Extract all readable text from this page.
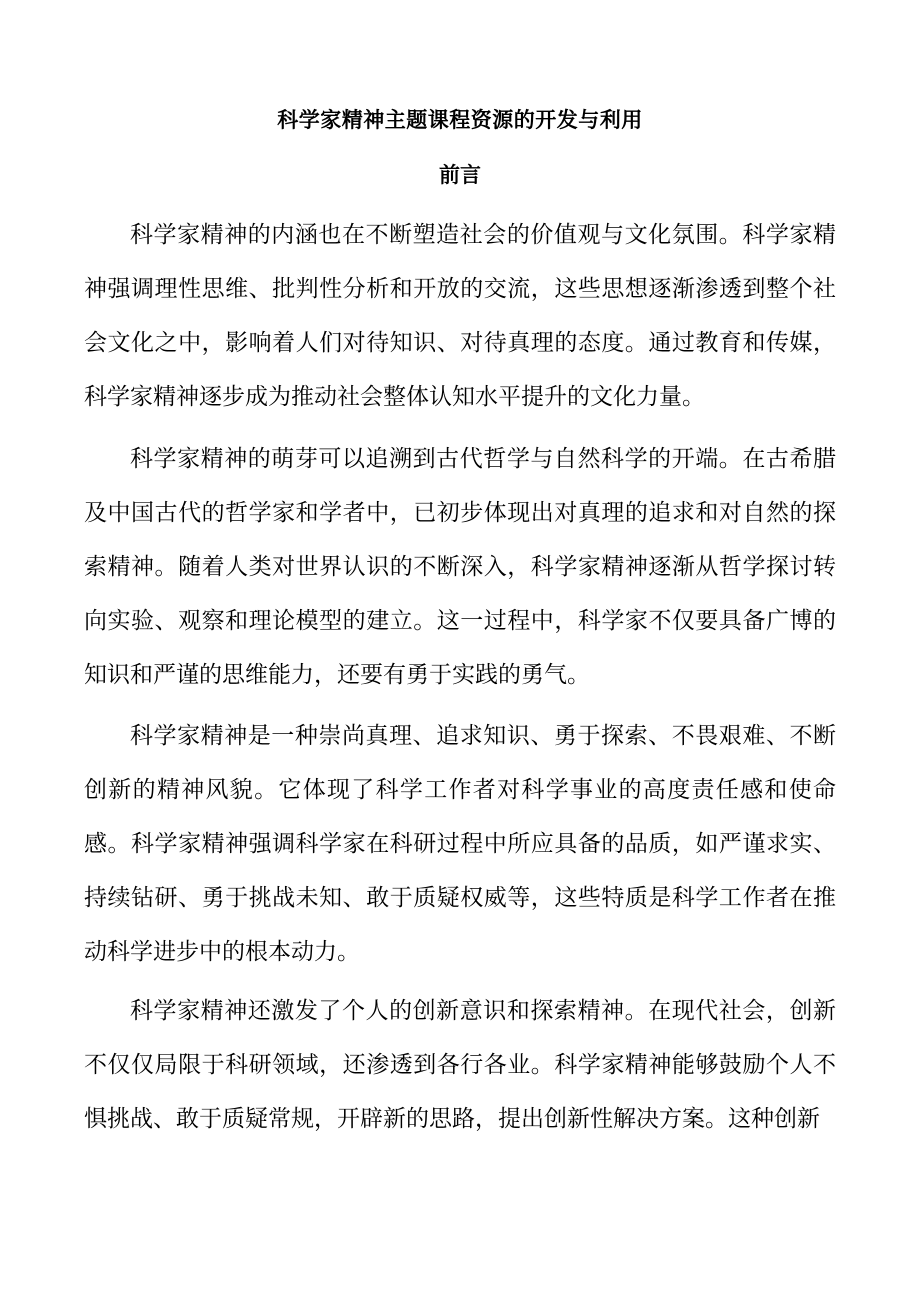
科学家精神主题课程资源的开发与利用
前言

科学家精神的内涵也在不断塑造社会的价值观与文化氛围。科学家精神强调理性思维、批判性分析和开放的交流，这些思想逐渐渗透到整个社会文化之中，影响着人们对待知识、对待真理的态度。通过教育和传媒，科学家精神逐步成为推动社会整体认知水平提升的文化力量。

科学家精神的萌芽可以追溯到古代哲学与自然科学的开端。在古希腊及中国古代的哲学家和学者中，已初步体现出对真理的追求和对自然的探索精神。随着人类对世界认识的不断深入，科学家精神逐渐从哲学探讨转向实验、观察和理论模型的建立。这一过程中，科学家不仅要具备广博的知识和严谨的思维能力，还要有勇于实践的勇气。

科学家精神是一种崇尚真理、追求知识、勇于探索、不畏艰难、不断创新的精神风貌。它体现了科学工作者对科学事业的高度责任感和使命感。科学家精神强调科学家在科研过程中所应具备的品质，如严谨求实、持续钻研、勇于挑战未知、敢于质疑权威等，这些特质是科学工作者在推动科学进步中的根本动力。

科学家精神还激发了个人的创新意识和探索精神。在现代社会，创新不仅仅局限于科研领域，还渗透到各行各业。科学家精神能够鼓励个人不惧挑战、敢于质疑常规，开辟新的思路，提出创新性解决方案。这种创新
